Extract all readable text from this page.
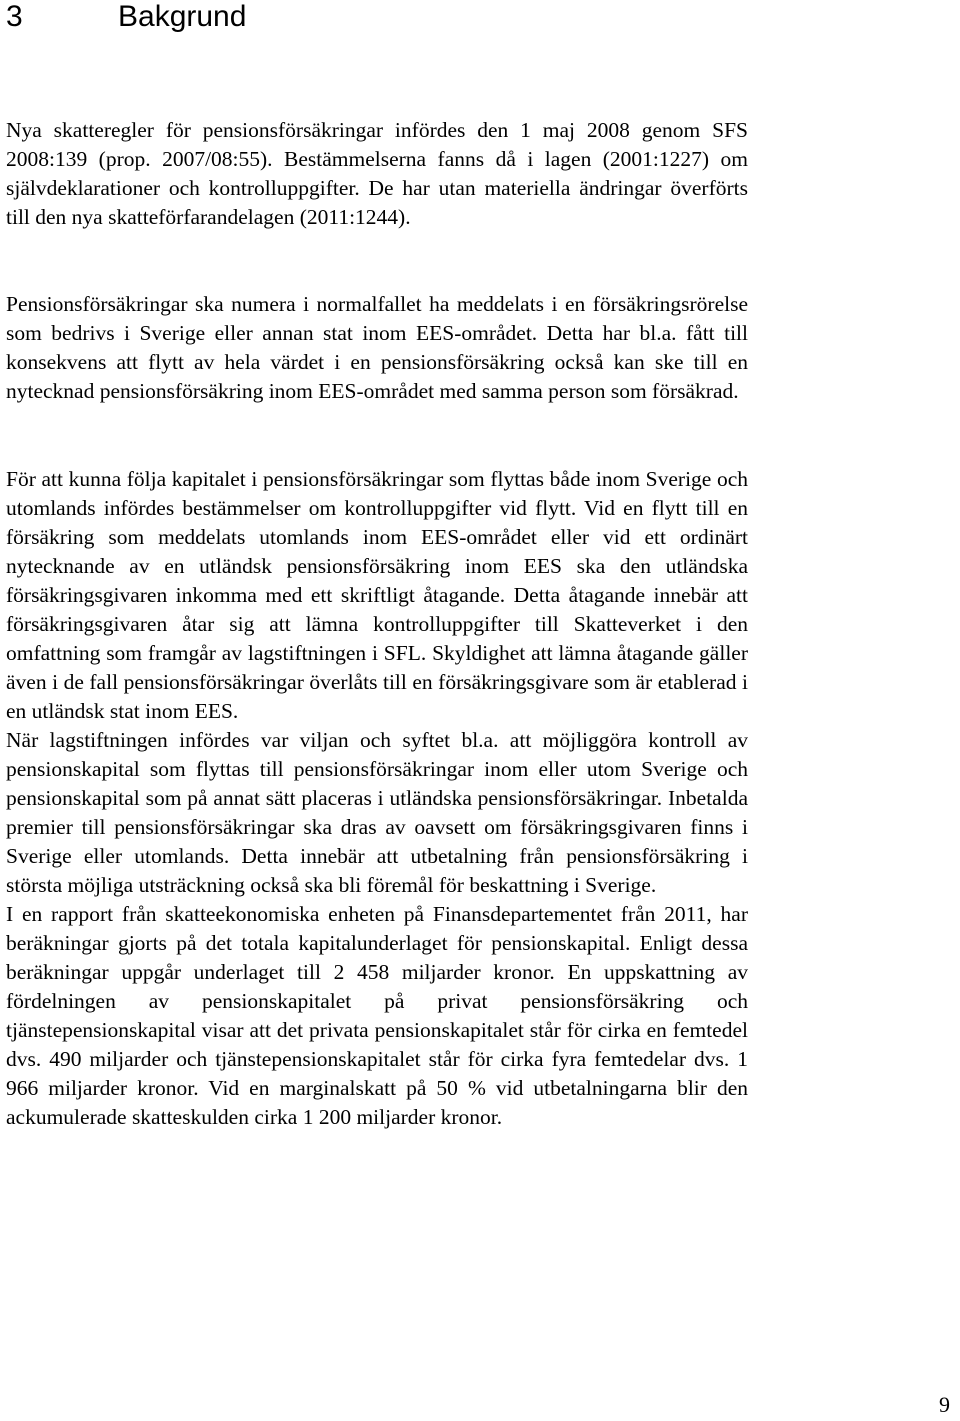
3	Bakgrund

Nya skatteregler för pensionsförsäkringar infördes den 1 maj 2008 genom SFS 2008:139 (prop. 2007/08:55). Bestämmelserna fanns då i lagen (2001:1227) om självdeklarationer och kontrolluppgifter. De har utan materiella ändringar överförts till den nya skatteförfarandelagen (2011:1244).

Pensionsförsäkringar ska numera i normalfallet ha meddelats i en försäkringsrörelse som bedrivs i Sverige eller annan stat inom EES-området. Detta har bl.a. fått till konsekvens att flytt av hela värdet i en pensionsförsäkring också kan ske till en nytecknad pensionsförsäkring inom EES-området med samma person som försäkrad.

För att kunna följa kapitalet i pensionsförsäkringar som flyttas både inom Sverige och utomlands infördes bestämmelser om kontrolluppgifter vid flytt. Vid en flytt till en försäkring som meddelats utomlands inom EES-området eller vid ett ordinärt nytecknande av en utländsk pensionsförsäkring inom EES ska den utländska försäkringsgivaren inkomma med ett skriftligt åtagande. Detta åtagande innebär att försäkringsgivaren åtar sig att lämna kontrolluppgifter till Skatteverket i den omfattning som framgår av lagstiftningen i SFL. Skyldighet att lämna åtagande gäller även i de fall pensionsförsäkringar överlåts till en försäkringsgivare som är etablerad i en utländsk stat inom EES.

När lagstiftningen infördes var viljan och syftet bl.a. att möjliggöra kontroll av pensionskapital som flyttas till pensionsförsäkringar inom eller utom Sverige och pensionskapital som på annat sätt placeras i utländska pensionsförsäkringar. Inbetalda premier till pensionsförsäkringar ska dras av oavsett om försäkringsgivaren finns i Sverige eller utomlands. Detta innebär att utbetalning från pensionsförsäkring i största möjliga utsträckning också ska bli föremål för beskattning i Sverige.

I en rapport från skatteekonomiska enheten på Finansdepartementet från 2011, har beräkningar gjorts på det totala kapitalunderlaget för pensionskapital. Enligt dessa beräkningar uppgår underlaget till 2 458 miljarder kronor. En uppskattning av fördelningen av pensionskapitalet på privat pensionsförsäkring och tjänstepensionskapital visar att det privata pensionskapitalet står för cirka en femtedel dvs. 490 miljarder och tjänstepensionskapitalet står för cirka fyra femtedelar dvs. 1 966 miljarder kronor. Vid en marginalskatt på 50 % vid utbetalningarna blir den ackumulerade skatteskulden cirka 1 200 miljarder kronor.

9
